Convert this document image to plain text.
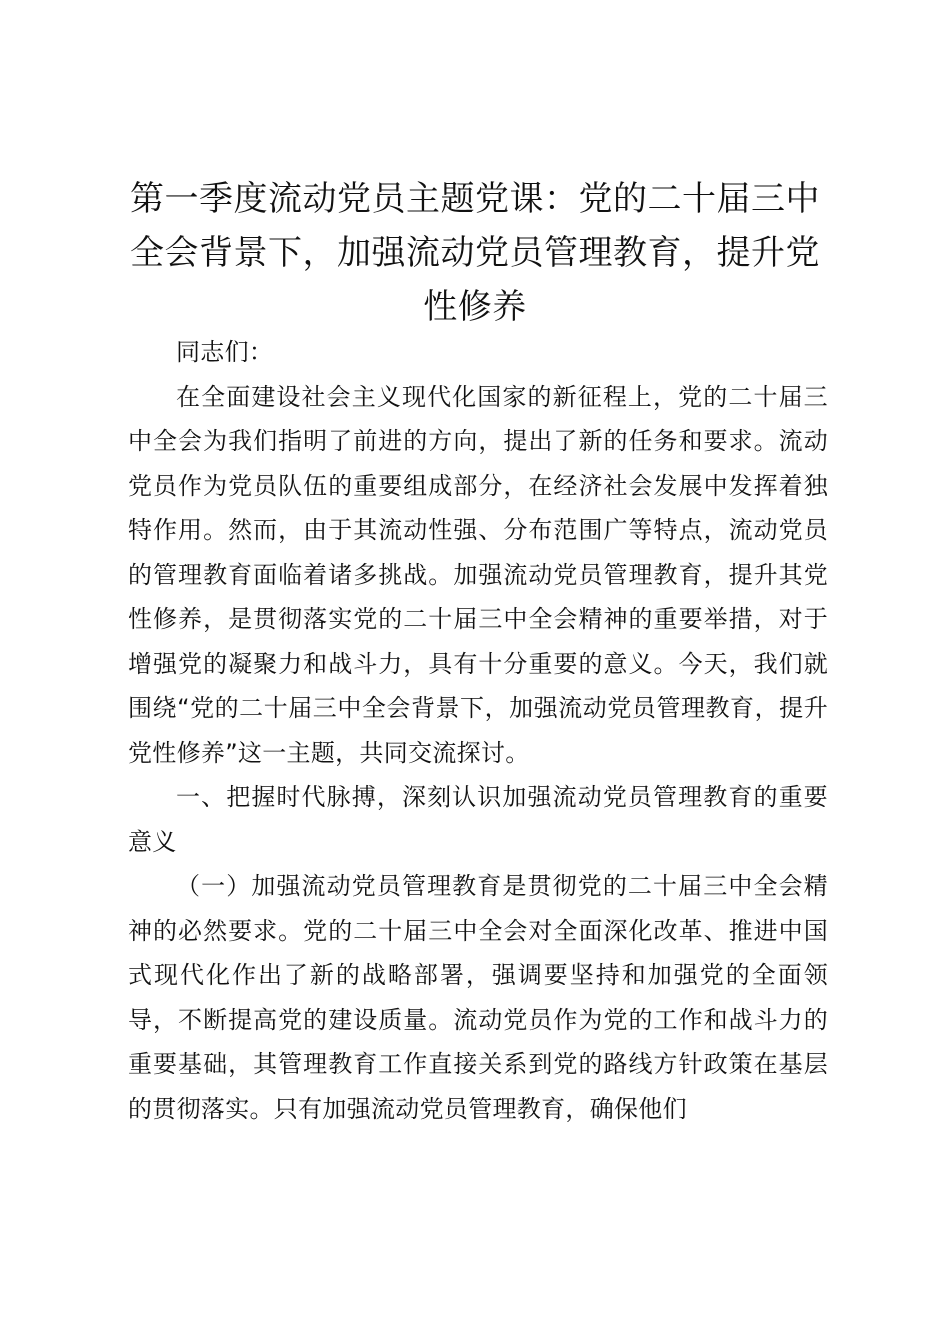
第一季度流动党员主题党课：党的二十届三中全会背景下，加强流动党员管理教育，提升党性修养

同志们：

在全面建设社会主义现代化国家的新征程上，党的二十届三中全会为我们指明了前进的方向，提出了新的任务和要求。流动党员作为党员队伍的重要组成部分，在经济社会发展中发挥着独特作用。然而，由于其流动性强、分布范围广等特点，流动党员的管理教育面临着诸多挑战。加强流动党员管理教育，提升其党性修养，是贯彻落实党的二十届三中全会精神的重要举措，对于增强党的凝聚力和战斗力，具有十分重要的意义。今天，我们就围绕“党的二十届三中全会背景下，加强流动党员管理教育，提升党性修养”这一主题，共同交流探讨。

一、把握时代脉搏，深刻认识加强流动党员管理教育的重要意义

（一）加强流动党员管理教育是贯彻党的二十届三中全会精神的必然要求。党的二十届三中全会对全面深化改革、推进中国式现代化作出了新的战略部署，强调要坚持和加强党的全面领导，不断提高党的建设质量。流动党员作为党的工作和战斗力的重要基础，其管理教育工作直接关系到党的路线方针政策在基层的贯彻落实。只有加强流动党员管理教育，确保他们
